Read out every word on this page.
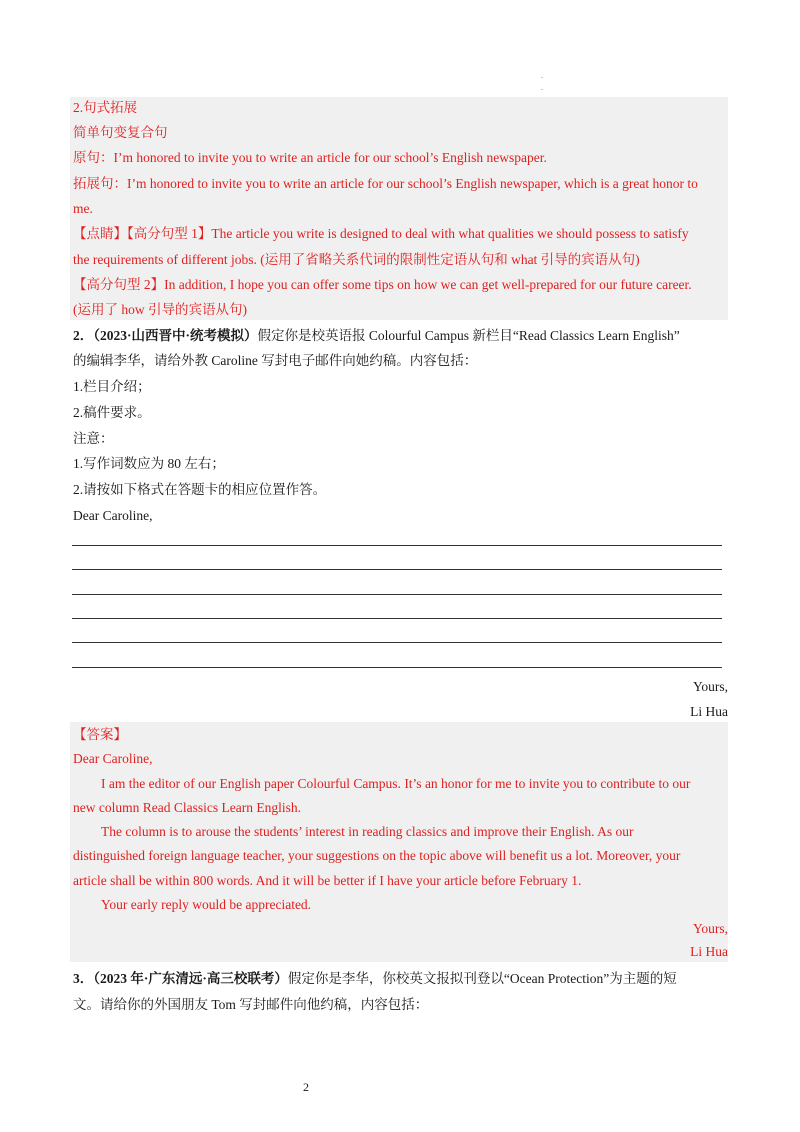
.
.
2.句式拓展
简单句变复合句
原句：I’m honored to invite you to write an article for our school’s English newspaper.
拓展句：I’m honored to invite you to write an article for our school’s English newspaper, which is a great honor to
me.
【点睛】【高分句型 1】The article you write is designed to deal with what qualities we should possess to satisfy
the requirements of different jobs. (运用了省略关系代词的限制性定语从句和 what 引导的宾语从句)
【高分句型 2】In addition, I hope you can offer some tips on how we can get well-prepared for our future career.
(运用了 how 引导的宾语从句)
2．（2023·山西晋中·统考模拟）假定你是校英语报 Colourful Campus 新栏目“Read Classics Learn English”
的编辑李华，请给外教 Caroline 写封电子邮件向她约稿。内容包括：
1.栏目介绍；
2.稿件要求。
注意：
1.写作词数应为 80 左右；
2.请按如下格式在答题卡的相应位置作答。
Dear Caroline,
Yours,
Li Hua
【答案】
Dear Caroline,
I am the editor of our English paper Colourful Campus. It’s an honor for me to invite you to contribute to our
new column Read Classics Learn English.
The column is to arouse the students’ interest in reading classics and improve their English. As our
distinguished foreign language teacher, your suggestions on the topic above will benefit us a lot. Moreover, your
article shall be within 800 words. And it will be better if I have your article before February 1.
Your early reply would be appreciated.
Yours,
Li Hua
3．（2023 年·广东清远·高三校联考）假定你是李华，你校英文报拟刊登以“Ocean Protection”为主题的短
文。请给你的外国朋友 Tom 写封邮件向他约稿，内容包括：
2
